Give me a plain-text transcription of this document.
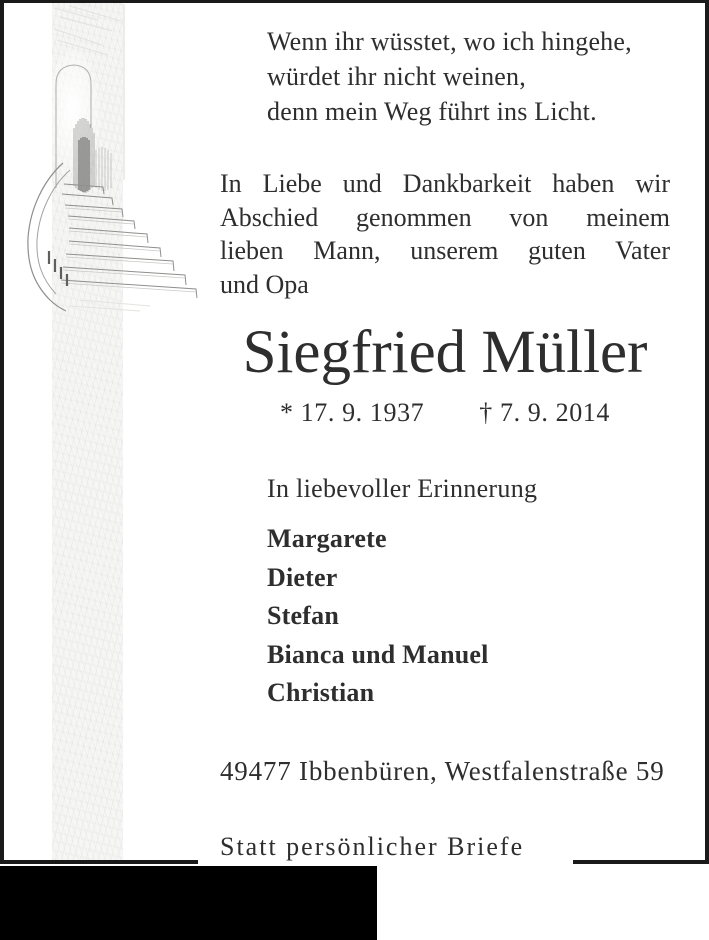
Wenn ihr wüsstet, wo ich hingehe,
würdet ihr nicht weinen,
denn mein Weg führt ins Licht.
In Liebe und Dankbarkeit haben wir
Abschied genommen von meinem
lieben Mann, unserem guten Vater
und Opa
Siegfried Müller
* 17. 9. 1937 † 7. 9. 2014
In liebevoller Erinnerung
Margarete
Dieter
Stefan
Bianca und Manuel
Christian
49477 Ibbenbüren, Westfalenstraße 59
Statt persönlicher Briefe
